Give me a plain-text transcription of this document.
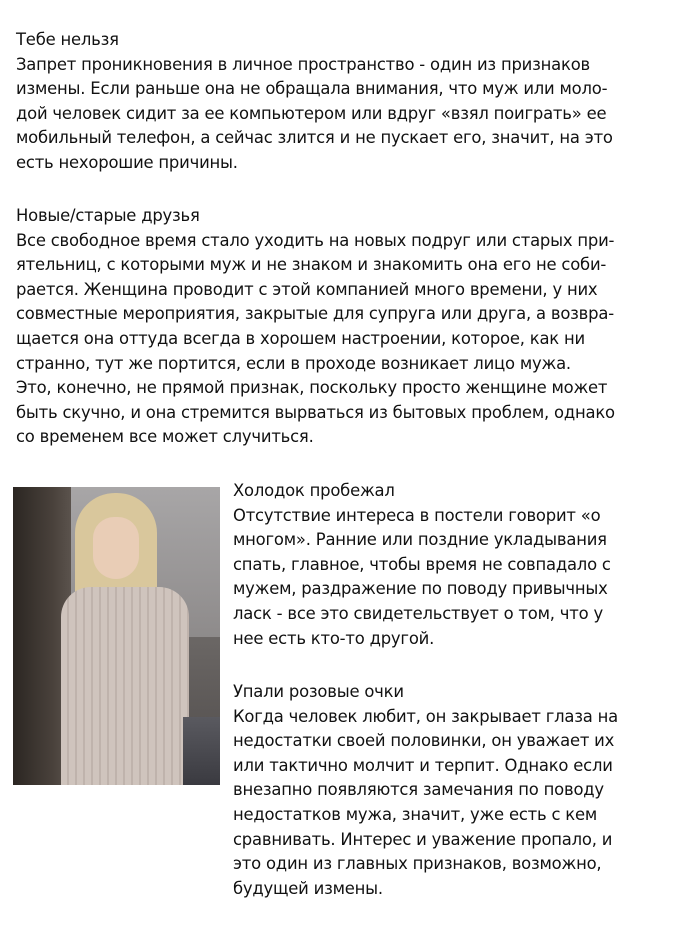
Тебе нельзя

Запрет проникновения в личное пространство - один из признаков

измены. Если раньше она не обращала внимания, что муж или моло-

дой человек сидит за ее компьютером или вдруг «взял поиграть» ее

мобильный телефон, а сейчас злится и не пускает его, значит, на это

есть нехорошие причины.

Новые/старые друзья

Все свободное время стало уходить на новых подруг или старых при-

ятельниц, с которыми муж и не знаком и знакомить она его не соби-

рается. Женщина проводит с этой компанией много времени, у них

совместные мероприятия, закрытые для супруга или друга, а возвра-

щается она оттуда всегда в хорошем настроении, которое, как ни

странно, тут же портится, если в проходе возникает лицо мужа.

Это, конечно, не прямой признак, поскольку просто женщине может

быть скучно, и она стремится вырваться из бытовых проблем, однако

со временем все может случиться.

Холодок пробежал

Отсутствие интереса в постели говорит «о

многом». Ранние или поздние укладывания

спать, главное, чтобы время не совпадало с

мужем, раздражение по поводу привычных

ласк - все это свидетельствует о том, что у

нее есть кто-то другой.

Упали розовые очки

Когда человек любит, он закрывает глаза на

недостатки своей половинки, он уважает их

или тактично молчит и терпит. Однако если

внезапно появляются замечания по поводу

недостатков мужа, значит, уже есть с кем

сравнивать. Интерес и уважение пропало, и

это один из главных признаков, возможно,

будущей измены.
